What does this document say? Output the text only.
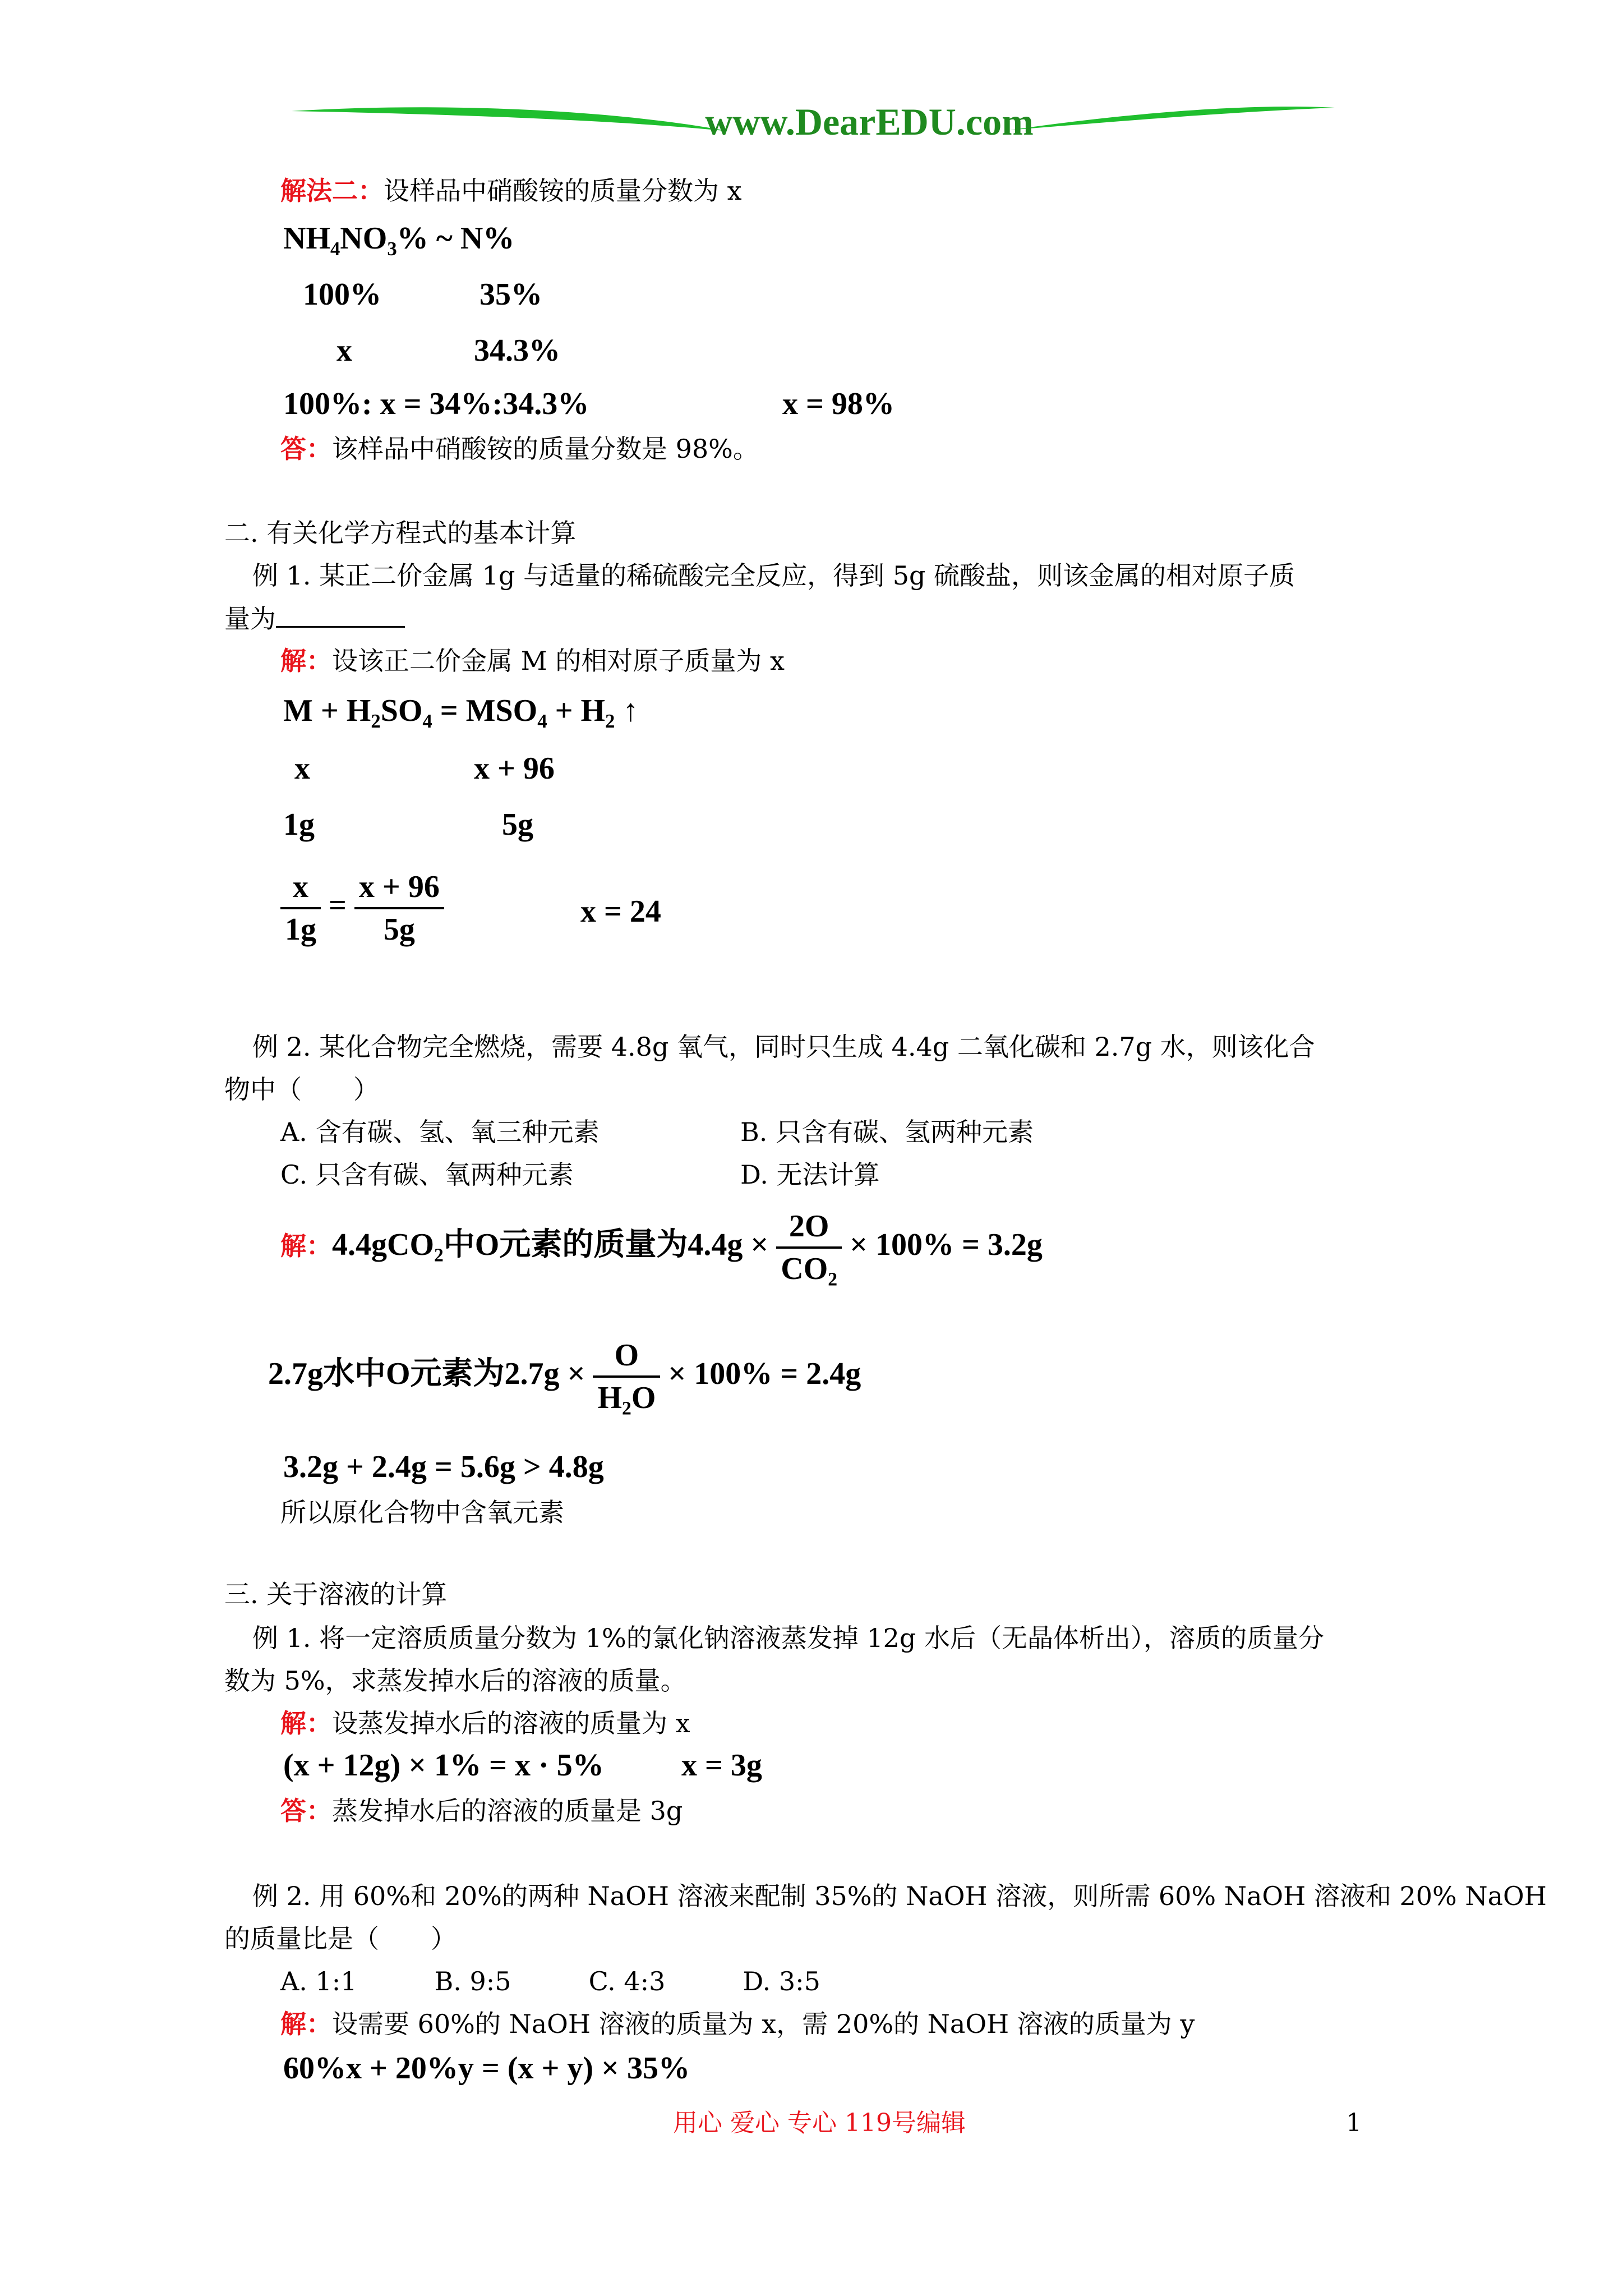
www.DearEDU.com
解法二：设样品中硝酸铵的质量分数为 x
$NH_4NO_3\%$ ~ N%
100%	35%
x	34.3%
100%: x = 34%:34.3%	x = 98%
答：该样品中硝酸铵的质量分数是 98%。
二. 有关化学方程式的基本计算
例 1. 某正二价金属 1g 与适量的稀硫酸完全反应，得到 5g 硫酸盐，则该金属的相对原子质
量为
解：设该正二价金属 M 的相对原子质量为 x
$M + H_2SO_4 = MSO_4 + H_2$ ↑
x	x + 96
1g	5g
$\frac{x}{1g} = \frac{x + 96}{5g}$	x = 24
例 2. 某化合物完全燃烧，需要 4.8g 氧气，同时只生成 4.4g 二氧化碳和 2.7g 水，则该化合
物中（　　）
A. 含有碳、氢、氧三种元素	B. 只含有碳、氢两种元素
C. 只含有碳、氧两种元素	D. 无法计算
解：4.4gCO₂中O元素的质量为$4.4g \times \frac{2O}{\text{CO₂}} \times 100\% = 3.2g$
2.7g水中O元素为$2.7g \times \frac{O}{\text{H₂O}} \times 100\% = 2.4g$
3.2g + 2.4g = 5.6g > 4.8g
所以原化合物中含氧元素
三. 关于溶液的计算
例 1. 将一定溶质质量分数为 1%的氯化钠溶液蒸发掉 12g 水后（无晶体析出），溶质的质量分
数为 5%，求蒸发掉水后的溶液的质量。
解：设蒸发掉水后的溶液的质量为 x
(x + 12g) × 1% = x · 5% x = 3g
答：蒸发掉水后的溶液的质量是 3g
例 2. 用 60%和 20%的两种 NaOH 溶液来配制 35%的 NaOH 溶液，则所需 60% NaOH 溶液和 20% NaOH
的质量比是（　　）
A. 1:1　　　B. 9:5　　　C. 4:3　　　D. 3:5
解：设需要 60%的 NaOH 溶液的质量为 x，需 20%的 NaOH 溶液的质量为 y
60%x + 20%y = (x + y) × 35%
用心 爱心 专心 119号编辑	1
